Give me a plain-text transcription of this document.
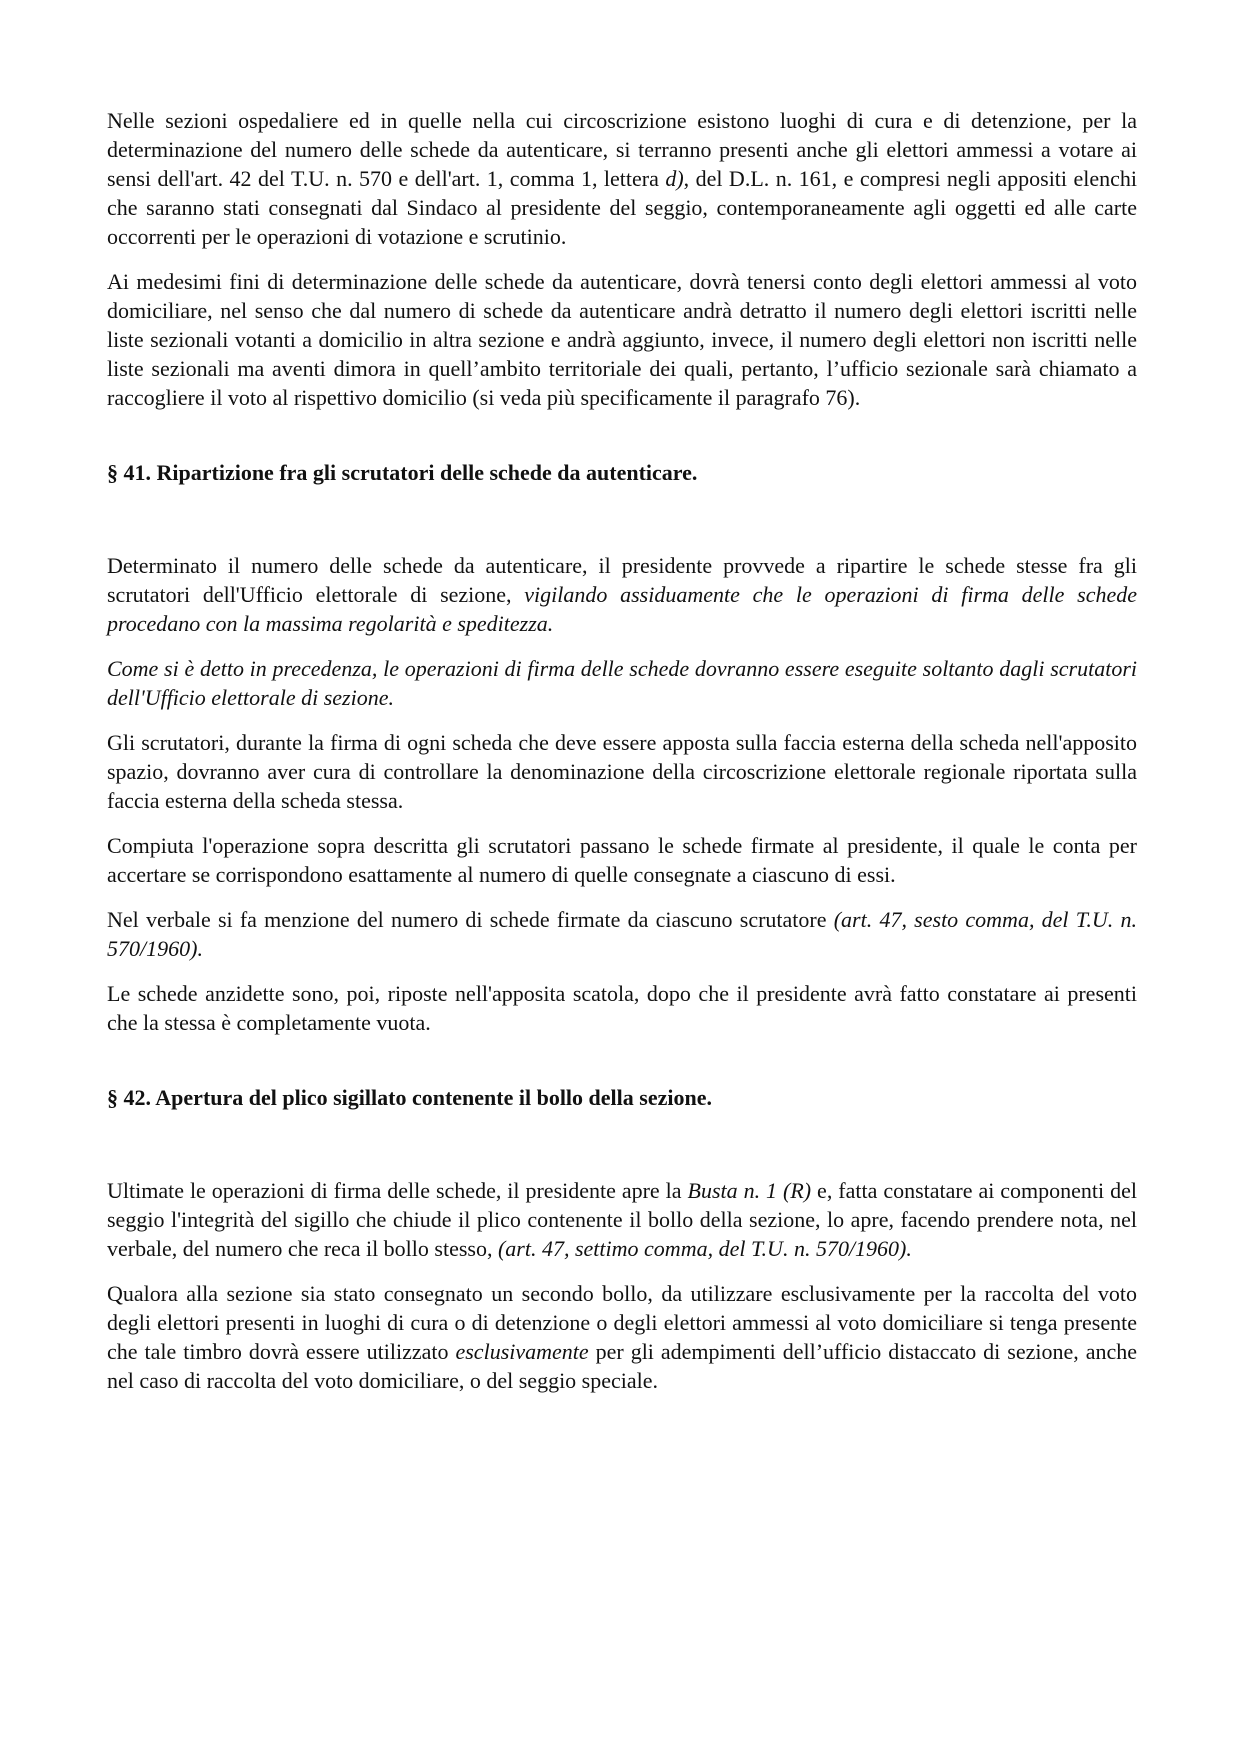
Nelle sezioni ospedaliere ed in quelle nella cui circoscrizione esistono luoghi di cura e di detenzione, per la determinazione del numero delle schede da autenticare, si terranno presenti anche gli elettori ammessi a votare ai sensi dell'art. 42 del T.U. n. 570 e dell'art. 1, comma 1, lettera d), del D.L. n. 161, e compresi negli appositi elenchi che saranno stati consegnati dal Sindaco al presidente del seggio, contemporaneamente agli oggetti ed alle carte occorrenti per le operazioni di votazione e scrutinio.

Ai medesimi fini di determinazione delle schede da autenticare, dovrà tenersi conto degli elettori ammessi al voto domiciliare, nel senso che dal numero di schede da autenticare andrà detratto il numero degli elettori iscritti nelle liste sezionali votanti a domicilio in altra sezione e andrà aggiunto, invece, il numero degli elettori non iscritti nelle liste sezionali ma aventi dimora in quell’ambito territoriale dei quali, pertanto, l’ufficio sezionale sarà chiamato a raccogliere il voto al rispettivo domicilio (si veda più specificamente il paragrafo 76).

§ 41. Ripartizione fra gli scrutatori delle schede da autenticare.

Determinato il numero delle schede da autenticare, il presidente provvede a ripartire le schede stesse fra gli scrutatori dell'Ufficio elettorale di sezione, vigilando assiduamente che le operazioni di firma delle schede procedano con la massima regolarità e speditezza.

Come si è detto in precedenza, le operazioni di firma delle schede dovranno essere eseguite soltanto dagli scrutatori dell'Ufficio elettorale di sezione.

Gli scrutatori, durante la firma di ogni scheda che deve essere apposta sulla faccia esterna della scheda nell'apposito spazio, dovranno aver cura di controllare la denominazione della circoscrizione elettorale regionale riportata sulla faccia esterna della scheda stessa.

Compiuta l'operazione sopra descritta gli scrutatori passano le schede firmate al presidente, il quale le conta per accertare se corrispondono esattamente al numero di quelle consegnate a ciascuno di essi.

Nel verbale si fa menzione del numero di schede firmate da ciascuno scrutatore (art. 47, sesto comma, del T.U. n. 570/1960).

Le schede anzidette sono, poi, riposte nell'apposita scatola, dopo che il presidente avrà fatto constatare ai presenti che la stessa è completamente vuota.

§ 42. Apertura del plico sigillato contenente il bollo della sezione.

Ultimate le operazioni di firma delle schede, il presidente apre la Busta n. 1 (R) e, fatta constatare ai componenti del seggio l'integrità del sigillo che chiude il plico contenente il bollo della sezione, lo apre, facendo prendere nota, nel verbale, del numero che reca il bollo stesso, (art. 47, settimo comma, del T.U. n. 570/1960).

Qualora alla sezione sia stato consegnato un secondo bollo, da utilizzare esclusivamente per la raccolta del voto degli elettori presenti in luoghi di cura o di detenzione o degli elettori ammessi al voto domiciliare si tenga presente che tale timbro dovrà essere utilizzato esclusivamente per gli adempimenti dell’ufficio distaccato di sezione, anche nel caso di raccolta del voto domiciliare, o del seggio speciale.
